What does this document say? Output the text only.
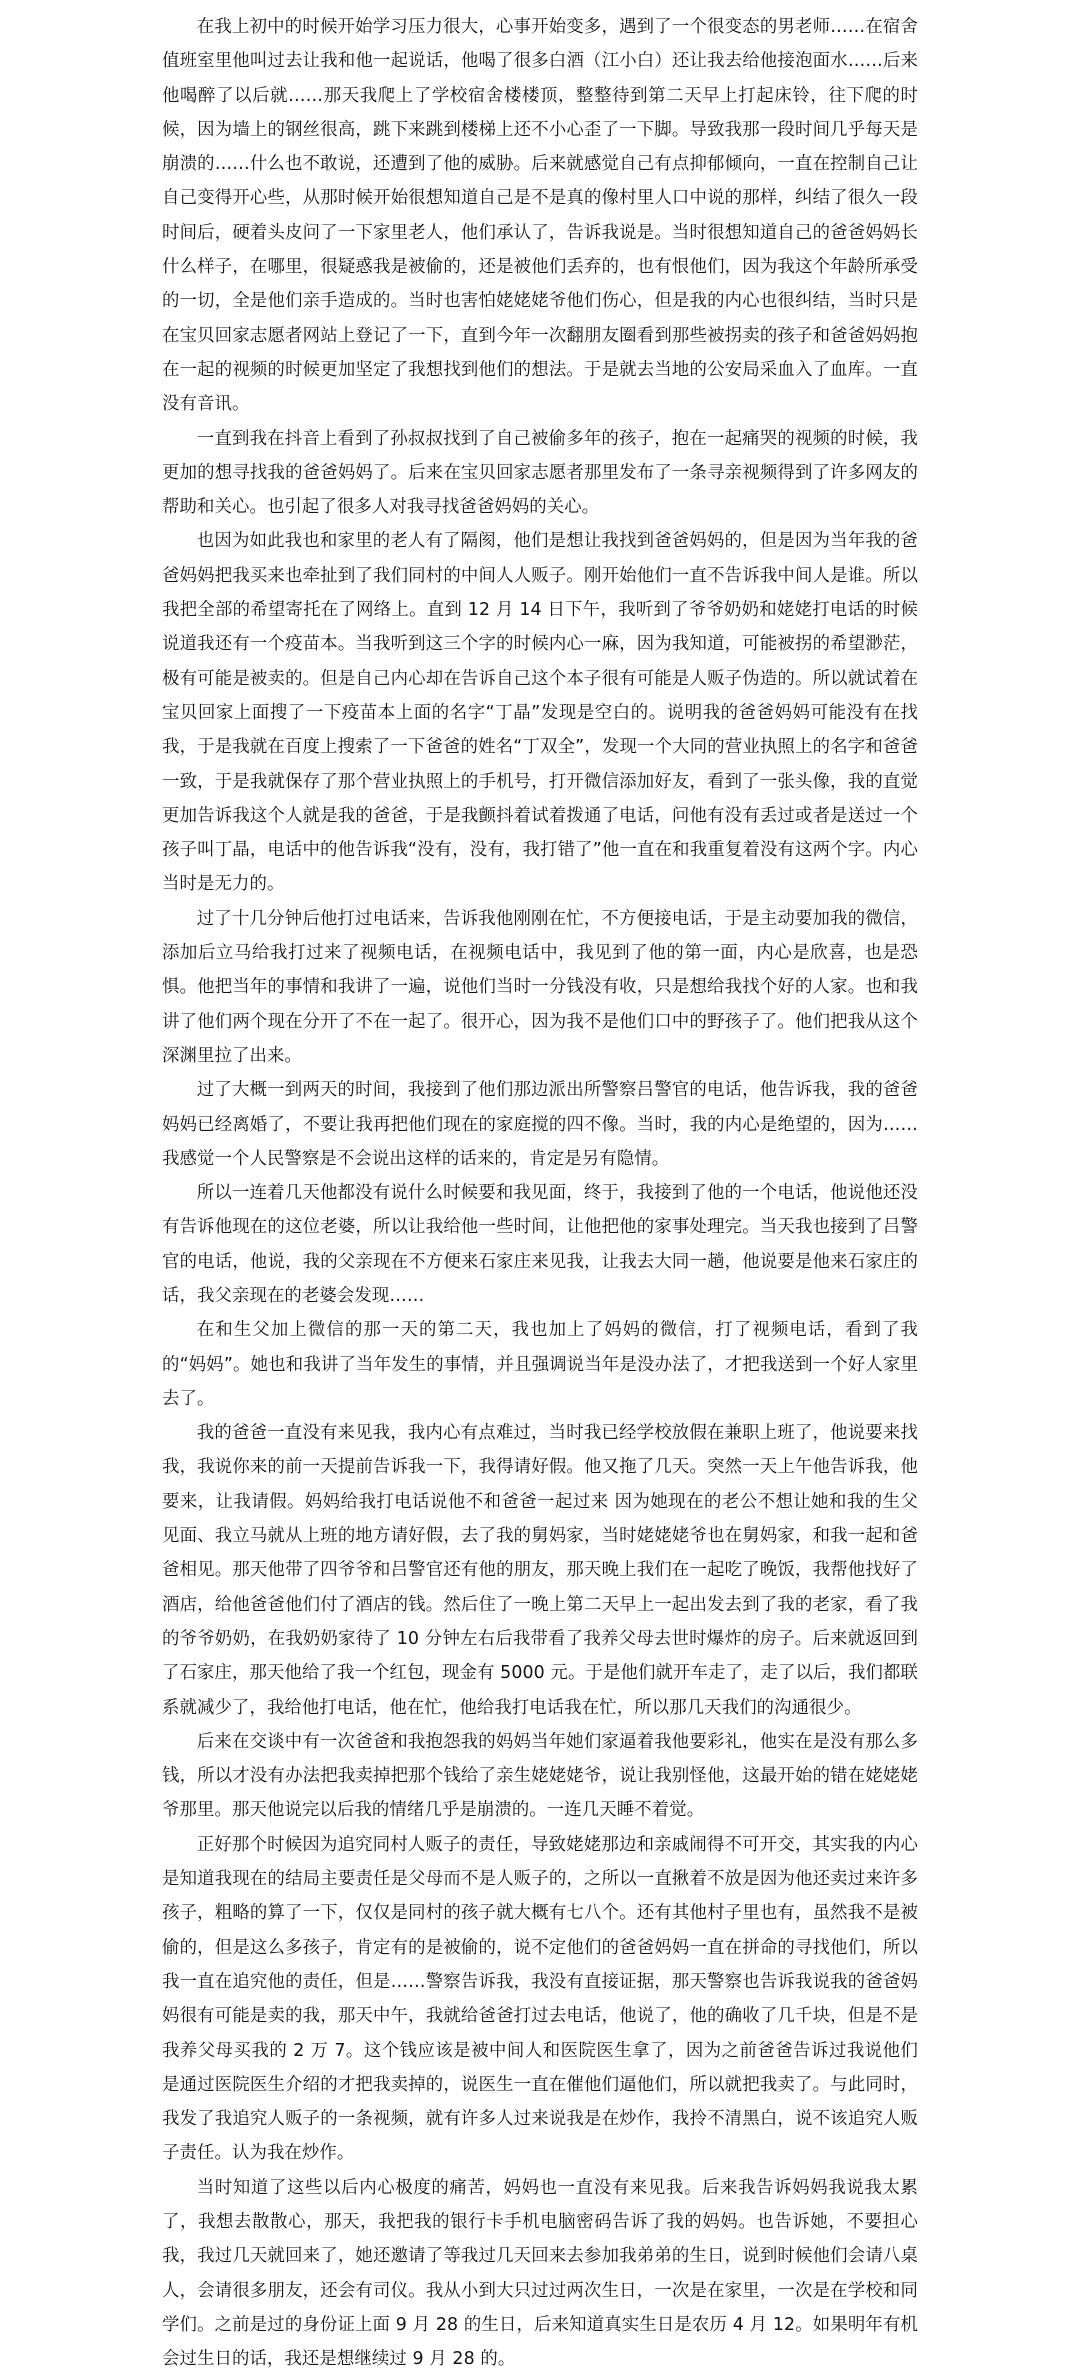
在我上初中的时候开始学习压力很大，心事开始变多，遇到了一个很变态的男老师……在宿舍值班室里他叫过去让我和他一起说话，他喝了很多白酒（江小白）还让我去给他接泡面水……后来他喝醉了以后就……那天我爬上了学校宿舍楼楼顶，整整待到第二天早上打起床铃，往下爬的时候，因为墙上的钢丝很高，跳下来跳到楼梯上还不小心歪了一下脚。导致我那一段时间几乎每天是崩溃的……什么也不敢说，还遭到了他的威胁。后来就感觉自己有点抑郁倾向，一直在控制自己让自己变得开心些，从那时候开始很想知道自己是不是真的像村里人口中说的那样，纠结了很久一段时间后，硬着头皮问了一下家里老人，他们承认了，告诉我说是。当时很想知道自己的爸爸妈妈长什么样子，在哪里，很疑惑我是被偷的，还是被他们丢弃的，也有恨他们，因为我这个年龄所承受的一切，全是他们亲手造成的。当时也害怕姥姥姥爷他们伤心，但是我的内心也很纠结，当时只是在宝贝回家志愿者网站上登记了一下，直到今年一次翻朋友圈看到那些被拐卖的孩子和爸爸妈妈抱在一起的视频的时候更加坚定了我想找到他们的想法。于是就去当地的公安局采血入了血库。一直没有音讯。

一直到我在抖音上看到了孙叔叔找到了自己被偷多年的孩子，抱在一起痛哭的视频的时候，我更加的想寻找我的爸爸妈妈了。后来在宝贝回家志愿者那里发布了一条寻亲视频得到了许多网友的帮助和关心。也引起了很多人对我寻找爸爸妈妈的关心。

也因为如此我也和家里的老人有了隔阂，他们是想让我找到爸爸妈妈的，但是因为当年我的爸爸妈妈把我买来也牵扯到了我们同村的中间人人贩子。刚开始他们一直不告诉我中间人是谁。所以我把全部的希望寄托在了网络上。直到 12 月 14 日下午，我听到了爷爷奶奶和姥姥打电话的时候说道我还有一个疫苗本。当我听到这三个字的时候内心一麻，因为我知道，可能被拐的希望渺茫，极有可能是被卖的。但是自己内心却在告诉自己这个本子很有可能是人贩子伪造的。所以就试着在宝贝回家上面搜了一下疫苗本上面的名字“丁晶”发现是空白的。说明我的爸爸妈妈可能没有在找我，于是我就在百度上搜索了一下爸爸的姓名“丁双全”，发现一个大同的营业执照上的名字和爸爸一致，于是我就保存了那个营业执照上的手机号，打开微信添加好友，看到了一张头像，我的直觉更加告诉我这个人就是我的爸爸，于是我颤抖着试着拨通了电话，问他有没有丢过或者是送过一个孩子叫丁晶，电话中的他告诉我“没有，没有，我打错了”他一直在和我重复着没有这两个字。内心当时是无力的。

过了十几分钟后他打过电话来，告诉我他刚刚在忙，不方便接电话，于是主动要加我的微信，添加后立马给我打过来了视频电话，在视频电话中，我见到了他的第一面，内心是欣喜，也是恐惧。他把当年的事情和我讲了一遍，说他们当时一分钱没有收，只是想给我找个好的人家。也和我讲了他们两个现在分开了不在一起了。很开心，因为我不是他们口中的野孩子了。他们把我从这个深渊里拉了出来。

过了大概一到两天的时间，我接到了他们那边派出所警察吕警官的电话，他告诉我，我的爸爸妈妈已经离婚了，不要让我再把他们现在的家庭搅的四不像。当时，我的内心是绝望的，因为……我感觉一个人民警察是不会说出这样的话来的，肯定是另有隐情。

所以一连着几天他都没有说什么时候要和我见面，终于，我接到了他的一个电话，他说他还没有告诉他现在的这位老婆，所以让我给他一些时间，让他把他的家事处理完。当天我也接到了吕警官的电话，他说，我的父亲现在不方便来石家庄来见我，让我去大同一趟，他说要是他来石家庄的话，我父亲现在的老婆会发现……

在和生父加上微信的那一天的第二天，我也加上了妈妈的微信，打了视频电话，看到了我的“妈妈”。她也和我讲了当年发生的事情，并且强调说当年是没办法了，才把我送到一个好人家里去了。

我的爸爸一直没有来见我，我内心有点难过，当时我已经学校放假在兼职上班了，他说要来找我，我说你来的前一天提前告诉我一下，我得请好假。他又拖了几天。突然一天上午他告诉我，他要来，让我请假。妈妈给我打电话说他不和爸爸一起过来 因为她现在的老公不想让她和我的生父见面、我立马就从上班的地方请好假，去了我的舅妈家，当时姥姥姥爷也在舅妈家，和我一起和爸爸相见。那天他带了四爷爷和吕警官还有他的朋友，那天晚上我们在一起吃了晚饭，我帮他找好了酒店，给他爸爸他们付了酒店的钱。然后住了一晚上第二天早上一起出发去到了我的老家，看了我的爷爷奶奶，在我奶奶家待了 10 分钟左右后我带看了我养父母去世时爆炸的房子。后来就返回到了石家庄，那天他给了我一个红包，现金有 5000 元。于是他们就开车走了，走了以后，我们都联系就减少了，我给他打电话，他在忙，他给我打电话我在忙，所以那几天我们的沟通很少。

后来在交谈中有一次爸爸和我抱怨我的妈妈当年她们家逼着我他要彩礼，他实在是没有那么多钱，所以才没有办法把我卖掉把那个钱给了亲生姥姥姥爷，说让我别怪他，这最开始的错在姥姥姥爷那里。那天他说完以后我的情绪几乎是崩溃的。一连几天睡不着觉。

正好那个时候因为追究同村人贩子的责任，导致姥姥那边和亲戚闹得不可开交，其实我的内心是知道我现在的结局主要责任是父母而不是人贩子的，之所以一直揪着不放是因为他还卖过来许多孩子，粗略的算了一下，仅仅是同村的孩子就大概有七八个。还有其他村子里也有，虽然我不是被偷的，但是这么多孩子，肯定有的是被偷的，说不定他们的爸爸妈妈一直在拼命的寻找他们，所以我一直在追究他的责任，但是……警察告诉我，我没有直接证据，那天警察也告诉我说我的爸爸妈妈很有可能是卖的我，那天中午，我就给爸爸打过去电话，他说了，他的确收了几千块，但是不是我养父母买我的 2 万 7。这个钱应该是被中间人和医院医生拿了，因为之前爸爸告诉过我说他们是通过医院医生介绍的才把我卖掉的，说医生一直在催他们逼他们，所以就把我卖了。与此同时，我发了我追究人贩子的一条视频，就有许多人过来说我是在炒作，我拎不清黑白，说不该追究人贩子责任。认为我在炒作。

当时知道了这些以后内心极度的痛苦，妈妈也一直没有来见我。后来我告诉妈妈我说我太累了，我想去散散心，那天，我把我的银行卡手机电脑密码告诉了我的妈妈。也告诉她，不要担心我，我过几天就回来了，她还邀请了等我过几天回来去参加我弟弟的生日，说到时候他们会请八桌人，会请很多朋友，还会有司仪。我从小到大只过过两次生日，一次是在家里，一次是在学校和同学们。之前是过的身份证上面 9 月 28 的生日，后来知道真实生日是农历 4 月 12。如果明年有机会过生日的话，我还是想继续过 9 月 28 的。
